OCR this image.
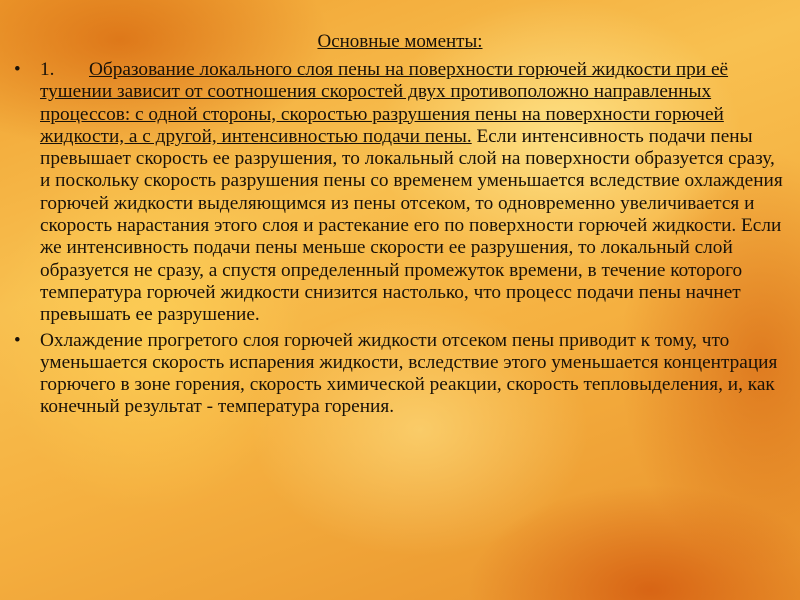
Основные моменты:
• 1. Образование локального слоя пены на поверхности горючей жидкости при её тушении зависит от соотношения скоростей двух противоположно направленных процессов: с одной стороны, скоростью разрушения пены на поверхности горючей жидкости, а с другой, интенсивностью подачи пены. Если интенсивность подачи пены превышает скорость ее разрушения, то локальный слой на поверхности образуется сразу, и поскольку скорость разрушения пены со временем уменьшается вследствие охлаждения горючей жидкости выделяющимся из пены отсеком, то одновременно увеличивается и скорость нарастания этого слоя и растекание его по поверхности горючей жидкости. Если же интенсивность подачи пены меньше скорости ее разрушения, то локальный слой образуется не сразу, а спустя определенный промежуток времени, в течение которого температура горючей жидкости снизится настолько, что процесс подачи пены начнет превышать ее разрушение.
• Охлаждение прогретого слоя горючей жидкости отсеком пены приводит к тому, что уменьшается скорость испарения жидкости, вследствие этого уменьшается концентрация горючего в зоне горения, скорость химической реакции, скорость тепловыделения, и, как конечный результат - температура горения.
